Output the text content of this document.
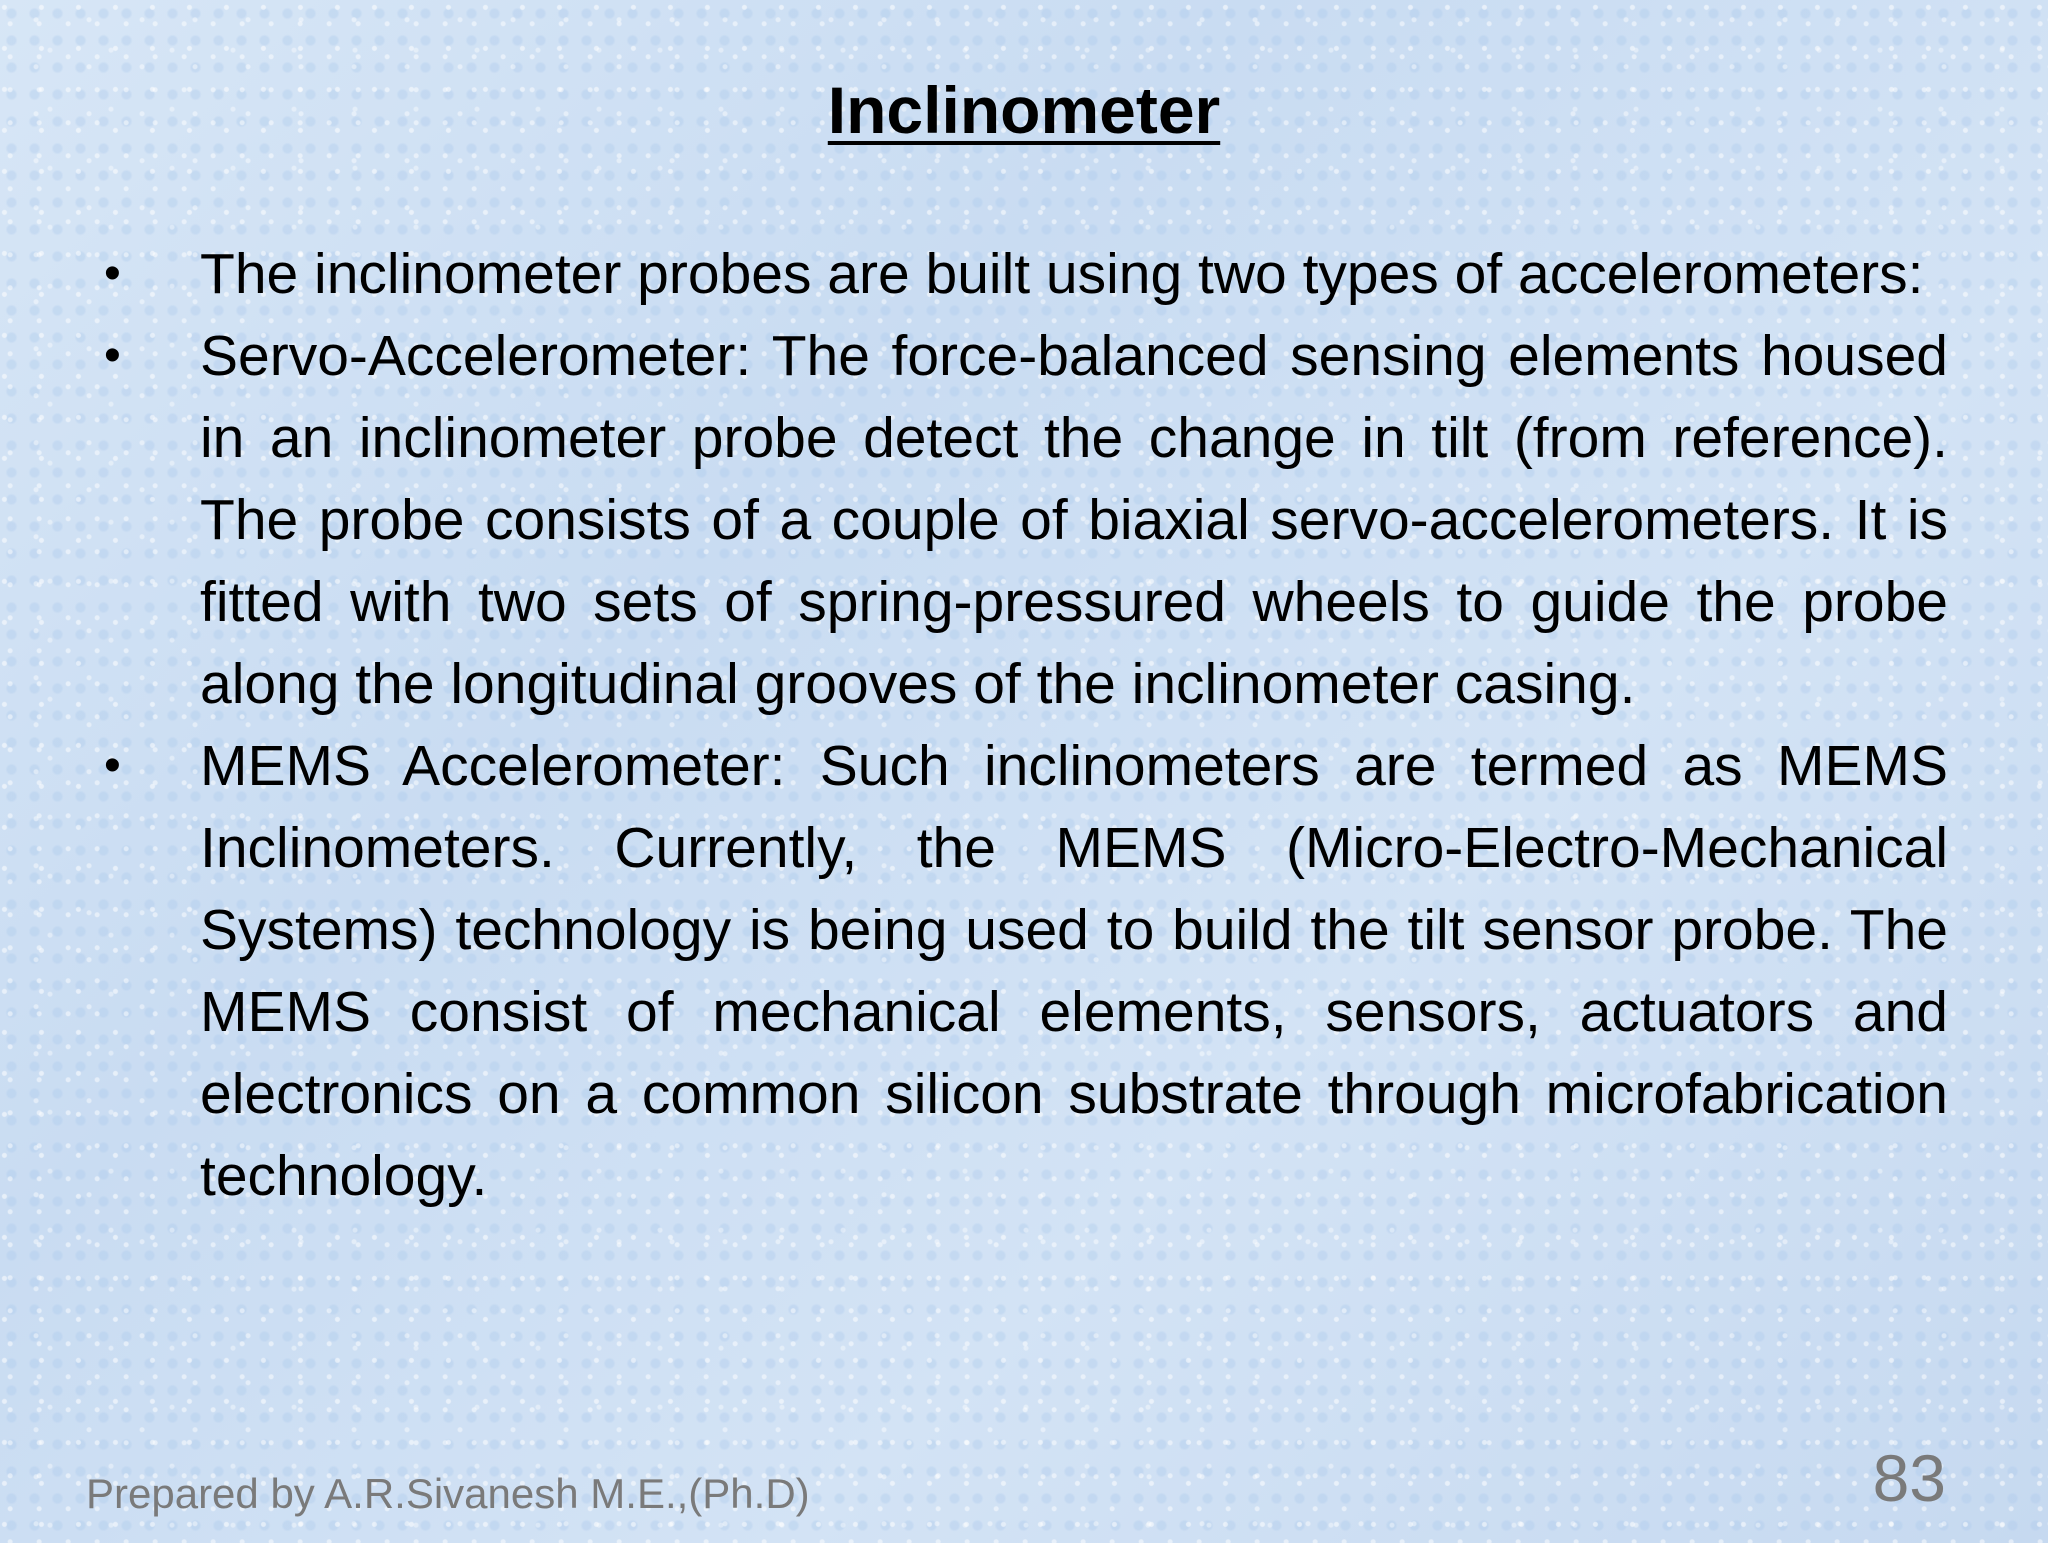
Inclinometer
•	The inclinometer probes are built using two types of accelerometers:
•	Servo-Accelerometer: The force-balanced sensing elements housed in an inclinometer probe detect the change in tilt (from reference). The probe consists of a couple of biaxial servo-accelerometers. It is fitted with two sets of spring-pressured wheels to guide the probe along the longitudinal grooves of the inclinometer casing.
•	MEMS Accelerometer: Such inclinometers are termed as MEMS Inclinometers. Currently, the MEMS (Micro-Electro-Mechanical Systems) technology is being used to build the tilt sensor probe. The MEMS consist of mechanical elements, sensors, actuators and electronics on a common silicon substrate through microfabrication technology.
Prepared by A.R.Sivanesh M.E.,(Ph.D)	83
